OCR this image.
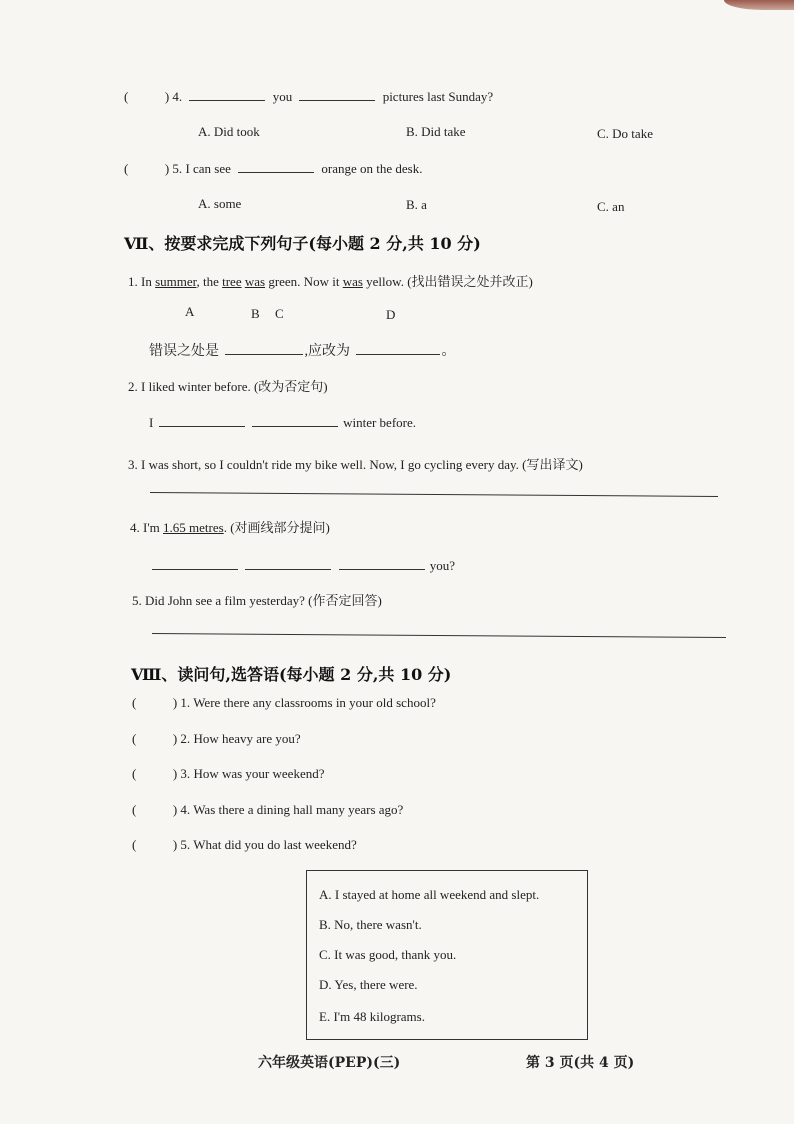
(	) 4.	you	pictures last Sunday?
A. Did took	B. Did take	C. Do take
(	) 5. I can see	orange on the desk.
A. some	B. a	C. an
Ⅶ、按要求完成下列句子(每小题 2 分,共 10 分)
1. In summer, the tree was green. Now it was yellow. (找出错误之处并改正)
A	B C	D
错误之处是	,应改为	。
2. I liked winter before. (改为否定句)
I	winter before.
3. I was short, so I couldn't ride my bike well. Now, I go cycling every day. (写出译文)
4. I'm 1.65 metres. (对画线部分提问)
you?
5. Did John see a film yesterday? (作否定回答)
Ⅷ、读问句,选答语(每小题 2 分,共 10 分)
(	) 1. Were there any classrooms in your old school?
(	) 2. How heavy are you?
(	) 3. How was your weekend?
(	) 4. Was there a dining hall many years ago?
(	) 5. What did you do last weekend?
A. I stayed at home all weekend and slept.
B. No, there wasn't.
C. It was good, thank you.
D. Yes, there were.
E. I'm 48 kilograms.
六年级英语(PEP)(三)	第 3 页(共 4 页)
